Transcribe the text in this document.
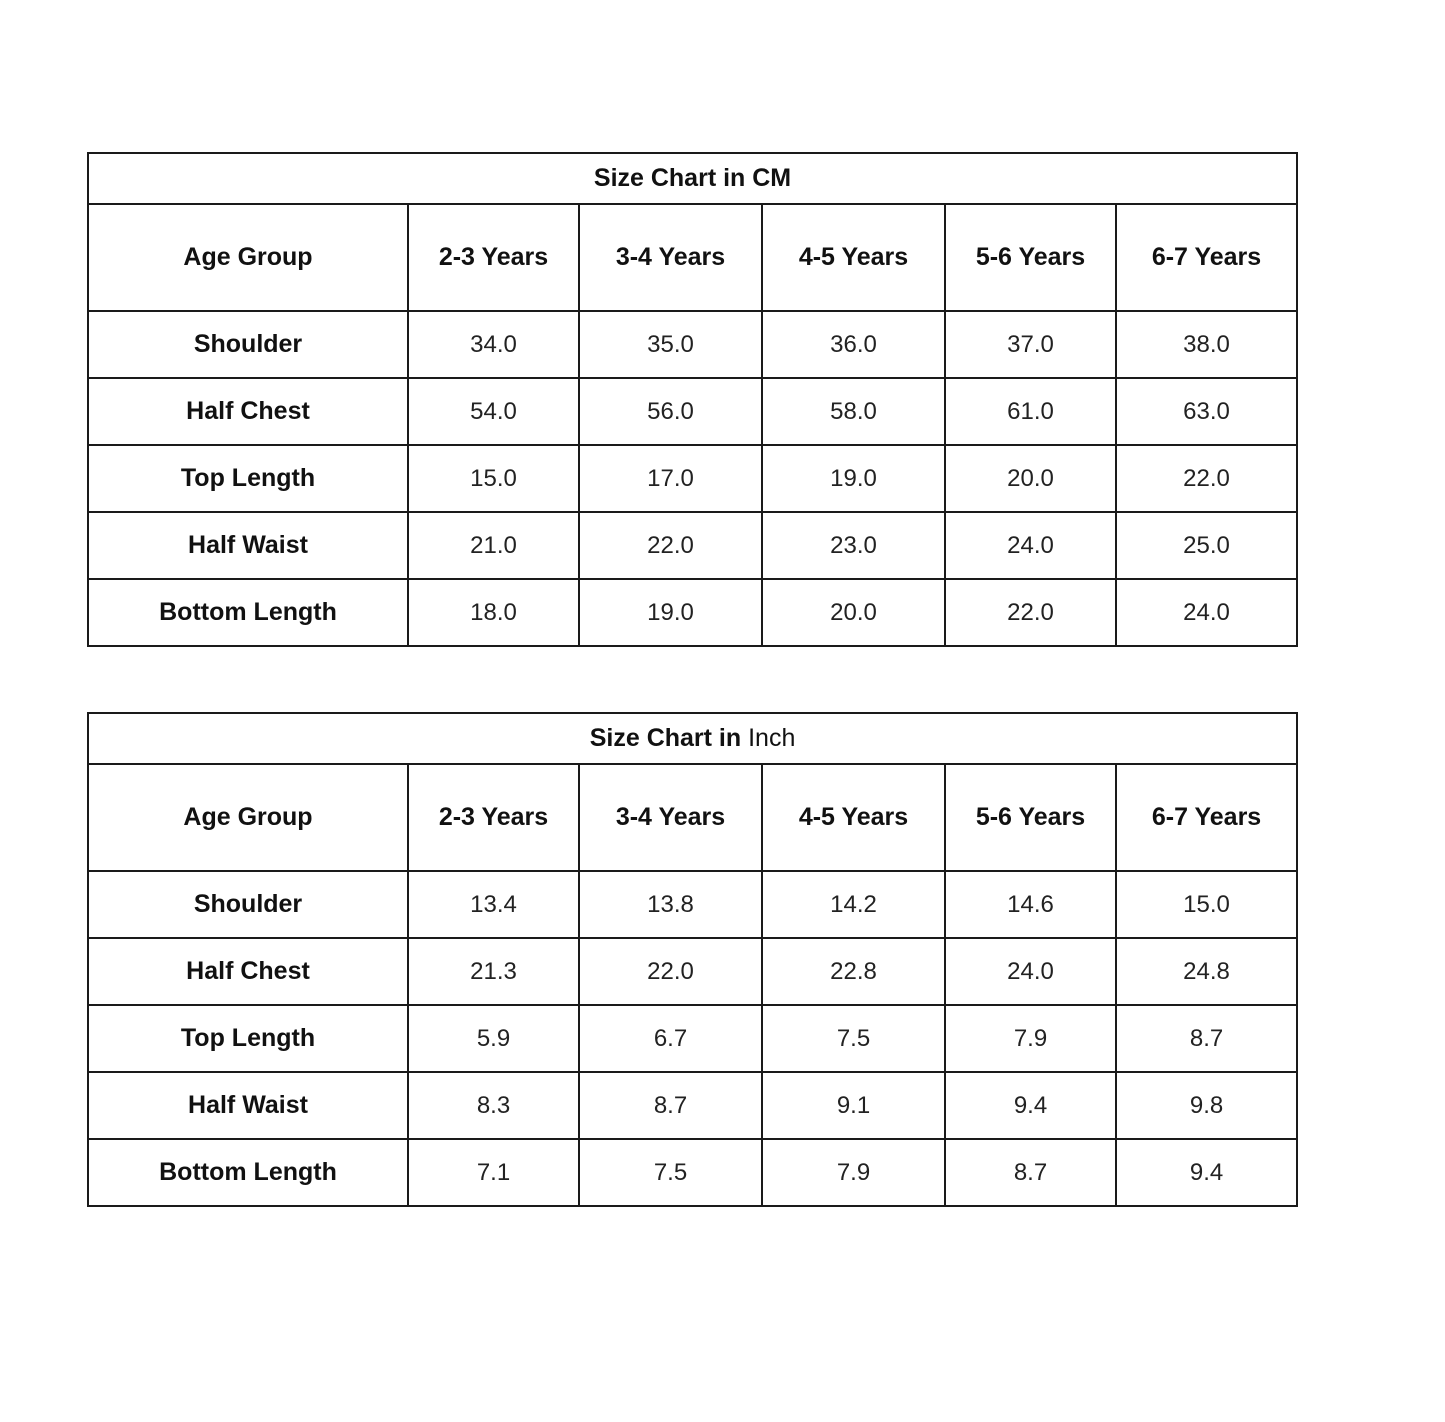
Size Chart in CM					
Age Group	2-3 Years	3-4 Years	4-5 Years	5-6 Years	6-7 Years
Shoulder	34.0	35.0	36.0	37.0	38.0
Half Chest	54.0	56.0	58.0	61.0	63.0
Top Length	15.0	17.0	19.0	20.0	22.0
Half Waist	21.0	22.0	23.0	24.0	25.0
Bottom Length	18.0	19.0	20.0	22.0	24.0
Size Chart in Inch					
Age Group	2-3 Years	3-4 Years	4-5 Years	5-6 Years	6-7 Years
Shoulder	13.4	13.8	14.2	14.6	15.0
Half Chest	21.3	22.0	22.8	24.0	24.8
Top Length	5.9	6.7	7.5	7.9	8.7
Half Waist	8.3	8.7	9.1	9.4	9.8
Bottom Length	7.1	7.5	7.9	8.7	9.4
